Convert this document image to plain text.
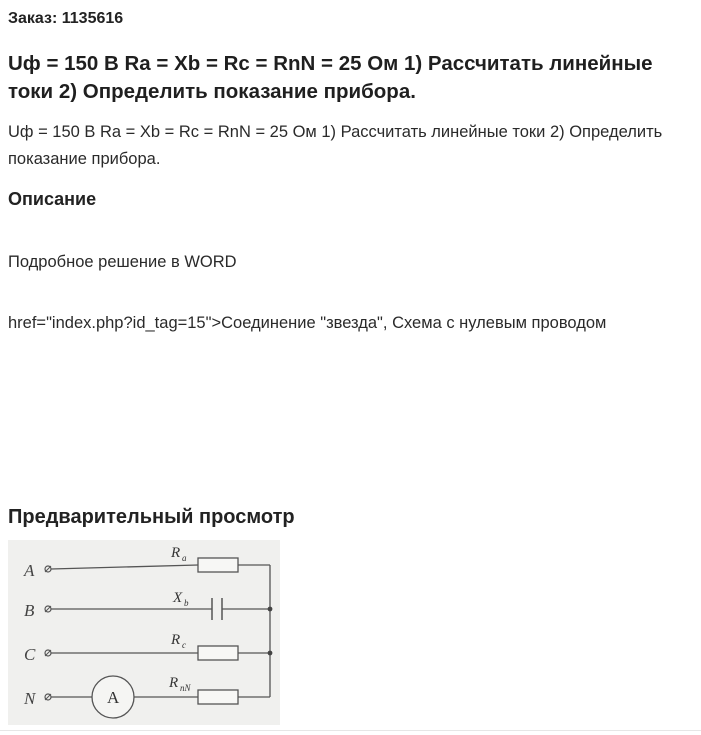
Заказ: 1135616
Uф = 150 В Ra = Xb = Rc = RnN = 25 Ом 1) Рассчитать линейные токи 2) Определить показание прибора.
Uф = 150 В Ra = Xb = Rc = RnN = 25 Ом 1) Рассчитать линейные токи 2) Определить показание прибора.
Описание
Подробное решение в WORD
href="index.php?id_tag=15">Соединение "звезда", Схема с нулевым проводом
Предварительный просмотр
A
B
C
N	A
R a
X b
R c
R nN
